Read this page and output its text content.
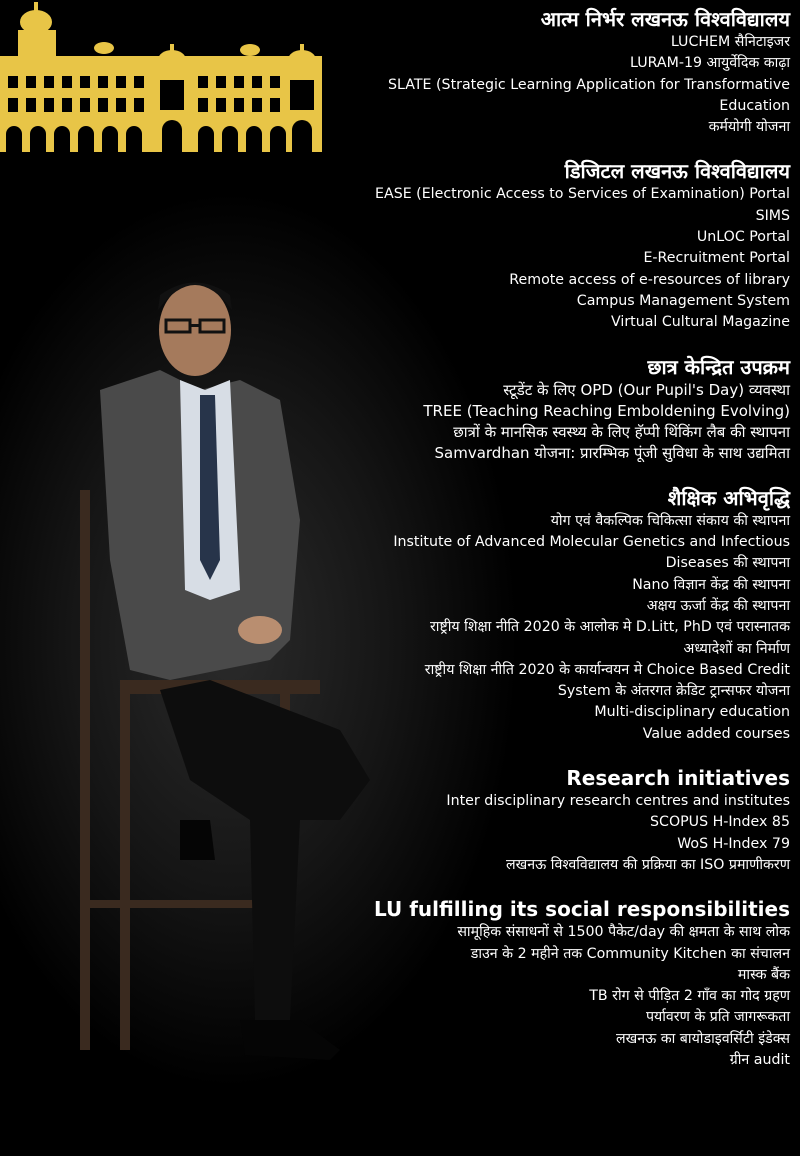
आत्म निर्भर लखनऊ विश्वविद्यालय

LUCHEM सैनिटाइजर

LURAM-19 आयुर्वेदिक काढ़ा

SLATE (Strategic Learning Application for Transformative

Education

कर्मयोगी योजना

डिजिटल लखनऊ विश्वविद्यालय

EASE (Electronic Access to Services of Examination) Portal

SIMS

UnLOC Portal

E-Recruitment Portal

Remote access of e-resources of library

Campus Management System

Virtual Cultural Magazine

छात्र केन्द्रित उपक्रम

स्टूडेंट के लिए OPD (Our Pupil's Day) व्यवस्था

TREE (Teaching Reaching Emboldening Evolving)

छात्रों के मानसिक स्वस्थ्य के लिए हॅप्पी थिंकिंग लैब की स्थापना

Samvardhan योजना: प्रारम्भिक पूंजी सुविधा के साथ उद्यमिता

शैक्षिक अभिवृद्धि

योग एवं वैकल्पिक चिकित्सा संकाय की स्थापना

Institute of Advanced Molecular Genetics and Infectious

Diseases की स्थापना

Nano विज्ञान केंद्र की स्थापना

अक्षय ऊर्जा केंद्र की स्थापना

राष्ट्रीय शिक्षा नीति 2020 के आलोक मे D.Litt, PhD एवं परास्नातक

अध्यादेशों का निर्माण

राष्ट्रीय शिक्षा नीति 2020 के कार्यान्वयन मे Choice Based Credit

System के अंतरगत क्रेडिट ट्रान्सफर योजना

Multi-disciplinary education

Value added courses

Research initiatives

Inter disciplinary research centres and institutes

SCOPUS H-Index 85

WoS H-Index 79

लखनऊ विश्वविद्यालय की प्रक्रिया का ISO प्रमाणीकरण

LU fulfilling its social responsibilities

सामूहिक संसाधनों से 1500 पैकेट/day की क्षमता के साथ लोक

डाउन के 2 महीने तक Community Kitchen का संचालन

मास्क बैंक

TB रोग से पीड़ित 2 गाँव का गोद ग्रहण

पर्यावरण के प्रति जागरूकता

लखनऊ का बायोडाइवर्सिटी इंडेक्स

ग्रीन audit
